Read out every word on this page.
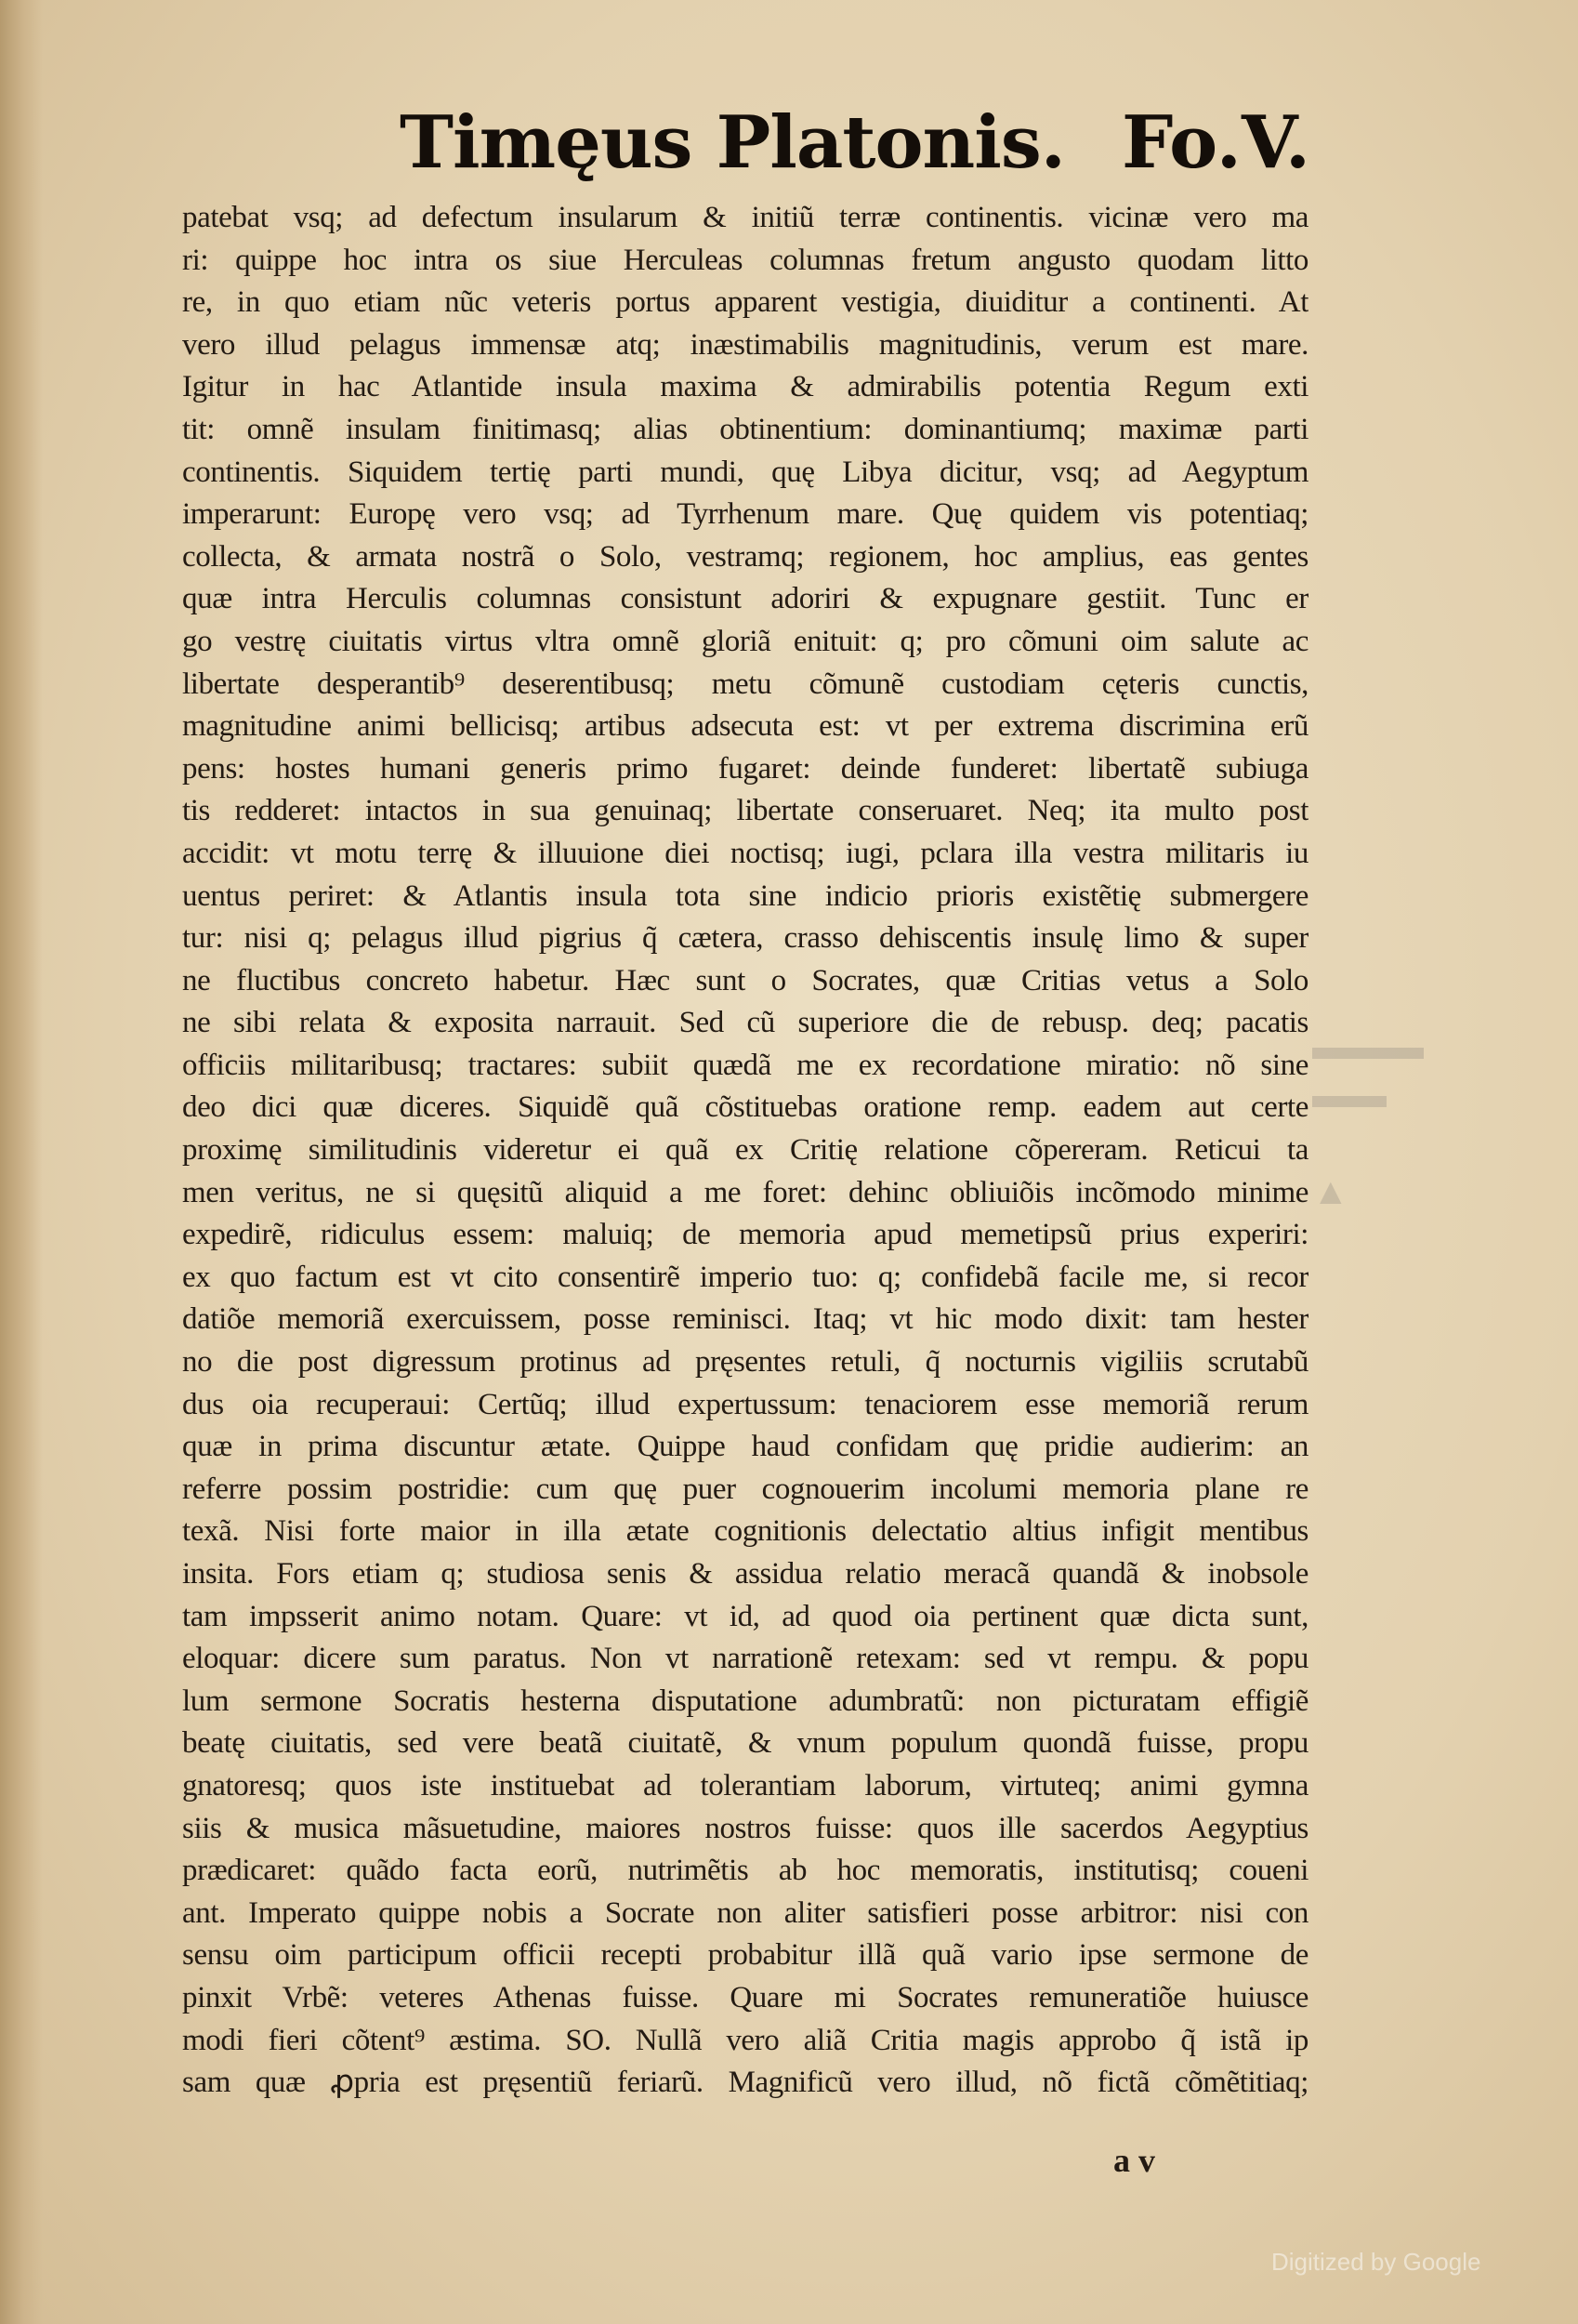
▬▬▬
▬▬

▲
Timęus Platonis. Fo.V.
patebat vsq; ad defectum insularum & initiũ terræ continentis. vicinæ vero ma
ri: quippe hoc intra os siue Herculeas columnas fretum angusto quodam litto
re, in quo etiam nũc veteris portus apparent vestigia, diuiditur a continenti. At
vero illud pelagus immensæ atq; inæstimabilis magnitudinis, verum est mare.
Igitur in hac Atlantide insula maxima & admirabilis potentia Regum exti
tit: omnẽ insulam finitimasq; alias obtinentium: dominantiumq; maximæ parti
continentis. Siquidem tertię parti mundi, quę Libya dicitur, vsq; ad Aegyptum
imperarunt: Europę vero vsq; ad Tyrrhenum mare. Quę quidem vis potentiaq;
collecta, & armata nostrã o Solo, vestramq; regionem, hoc amplius, eas gentes
quæ intra Herculis columnas consistunt adoriri & expugnare gestiit. Tunc er
go vestrę ciuitatis virtus vltra omnẽ gloriã enituit: q; pro cõmuni oim salute ac
libertate desperantib⁹ deserentibusq; metu cõmunẽ custodiam cęteris cunctis,
magnitudine animi bellicisq; artibus adsecuta est: vt per extrema discrimina erũ
pens: hostes humani generis primo fugaret: deinde funderet: libertatẽ subiuga
tis redderet: intactos in sua genuinaq; libertate conseruaret. Neq; ita multo post
accidit: vt motu terrę & illuuione diei noctisq; iugi, pclara illa vestra militaris iu
uentus periret: & Atlantis insula tota sine indicio prioris existẽtię submergere
tur: nisi q; pelagus illud pigrius q̃ cætera, crasso dehiscentis insulę limo & super
ne fluctibus concreto habetur. Hæc sunt o Socrates, quæ Critias vetus a Solo
ne sibi relata & exposita narrauit. Sed cũ superiore die de rebusp. deq; pacatis
officiis militaribusq; tractares: subiit quædã me ex recordatione miratio: nõ sine
deo dici quæ diceres. Siquidẽ quã cõstituebas oratione remp. eadem aut certe
proximę similitudinis videretur ei quã ex Critię relatione cõpereram. Reticui ta
men veritus, ne si quęsitũ aliquid a me foret: dehinc obliuiõis incõmodo minime
expedirẽ, ridiculus essem: maluiq; de memoria apud memetipsũ prius experiri:
ex quo factum est vt cito consentirẽ imperio tuo: q; confidebã facile me, si recor
datiõe memoriã exercuissem, posse reminisci. Itaq; vt hic modo dixit: tam hester
no die post digressum protinus ad pręsentes retuli, q̃ nocturnis vigiliis scrutabũ
dus oia recuperaui: Certũq; illud expertussum: tenaciorem esse memoriã rerum
quæ in prima discuntur ætate. Quippe haud confidam quę pridie audierim: an
referre possim postridie: cum quę puer cognouerim incolumi memoria plane re
texã. Nisi forte maior in illa ætate cognitionis delectatio altius infigit mentibus
insita. Fors etiam q; studiosa senis & assidua relatio meracã quandã & inobsole
tam impsserit animo notam. Quare: vt id, ad quod oia pertinent quæ dicta sunt,
eloquar: dicere sum paratus. Non vt narrationẽ retexam: sed vt rempu. & popu
lum sermone Socratis hesterna disputatione adumbratũ: non picturatam effigiẽ
beatę ciuitatis, sed vere beatã ciuitatẽ, & vnum populum quondã fuisse, propu
gnatoresq; quos iste instituebat ad tolerantiam laborum, virtuteq; animi gymna
siis & musica mãsuetudine, maiores nostros fuisse: quos ille sacerdos Aegyptius
prædicaret: quãdo facta eorũ, nutrimẽtis ab hoc memoratis, institutisq; coueni
ant. Imperato quippe nobis a Socrate non aliter satisfieri posse arbitror: nisi con
sensu oim participum officii recepti probabitur illã quã vario ipse sermone de
pinxit Vrbẽ: veteres Athenas fuisse. Quare mi Socrates remuneratiõe huiusce
modi fieri cõtent⁹ æstima. SO. Nullã vero aliã Critia magis approbo q̃ istã ip
sam quæ ꝓpria est pręsentiũ feriarũ. Magnificũ vero illud, nõ fictã cõmẽtitiaq;
a v
Digitized by Google
